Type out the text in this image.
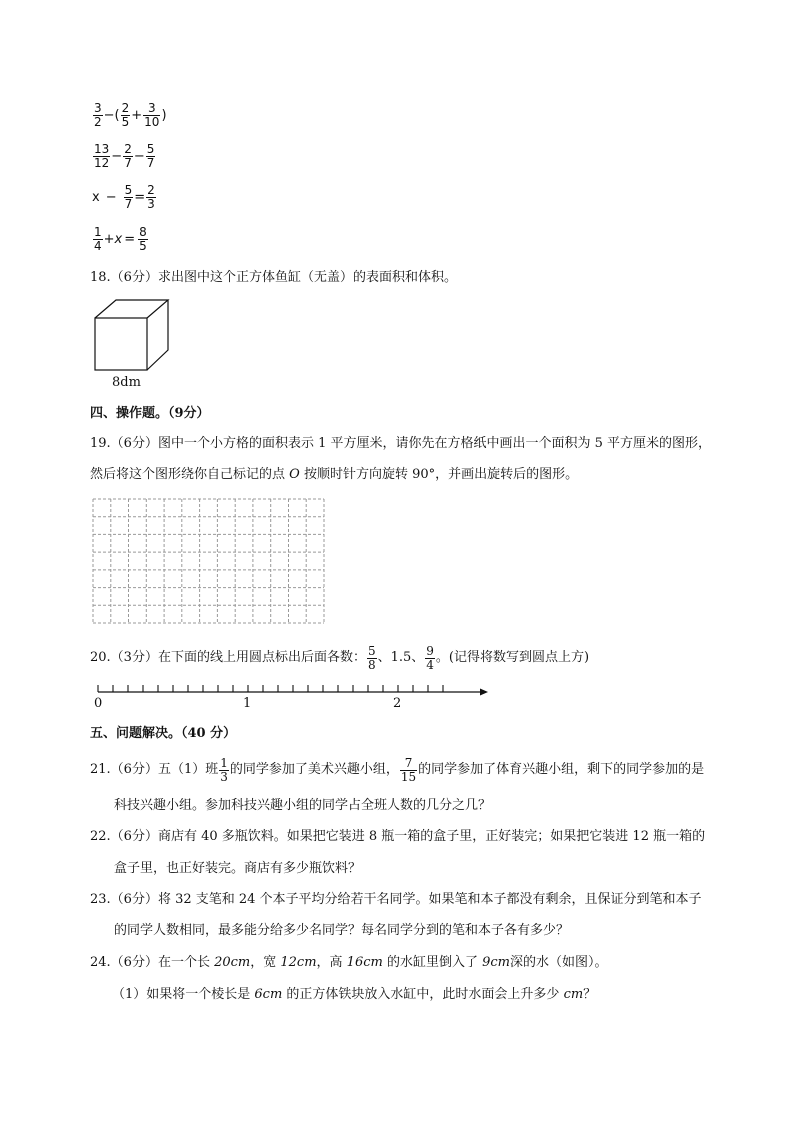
$\frac{3}{2}$ −( $\frac{2}{5} + \frac{3}{10}$ )
$\frac{13}{12} - \frac{2}{7} - \frac{5}{7}$
$x - \frac{5}{7} = \frac{2}{3}$
$\frac{1}{4} + x = \frac{8}{5}$
18.（6分）求出图中这个正方体鱼缸（无盖）的表面积和体积。
8dm
四、操作题。（9分）
19.（6分）图中一个小方格的面积表示 1 平方厘米，请你先在方格纸中画出一个面积为 5 平方厘米的图形，
然后将这个图形绕你自己标记的点 O 按顺时针方向旋转 90°，并画出旋转后的图形。
20.（3分）在下面的线上用圆点标出后面各数： $\frac{5}{8}$ 、1.5、 $\frac{9}{4}$ 。(记得将数写到圆点上方)
0	1	2
五、问题解决。（40 分）
21.（6分）五（1）班 $\frac{1}{3}$ 的同学参加了美术兴趣小组， $\frac{7}{15}$ 的同学参加了体育兴趣小组，剩下的同学参加的是
科技兴趣小组。参加科技兴趣小组的同学占全班人数的几分之几？
22.（6分）商店有 40 多瓶饮料。如果把它装进 8 瓶一箱的盒子里，正好装完；如果把它装进 12 瓶一箱的
盒子里，也正好装完。商店有多少瓶饮料？
23.（6分）将 32 支笔和 24 个本子平均分给若干名同学。如果笔和本子都没有剩余，且保证分到笔和本子
的同学人数相同，最多能分给多少名同学？每名同学分到的笔和本子各有多少？
24.（6分）在一个长 20cm，宽 12cm，高 16cm 的水缸里倒入了 9cm深的水（如图）。
（1）如果将一个棱长是 6cm 的正方体铁块放入水缸中，此时水面会上升多少 cm？
